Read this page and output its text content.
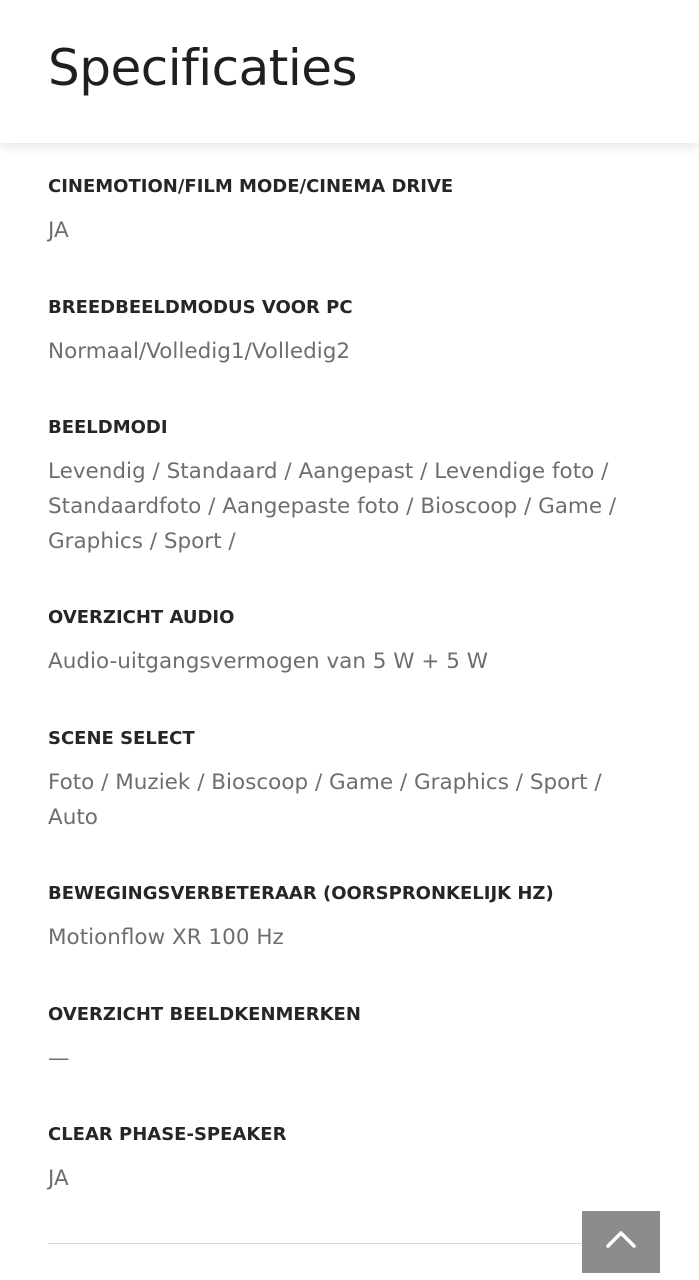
Specificaties
CINEMOTION/FILM MODE/CINEMA DRIVE

JA

BREEDBEELDMODUS VOOR PC

Normaal/Volledig1/Volledig2

BEELDMODI

Levendig / Standaard / Aangepast / Levendige foto / Standaardfoto / Aangepaste foto / Bioscoop / Game / Graphics / Sport /

OVERZICHT AUDIO

Audio-uitgangsvermogen van 5 W + 5 W

SCENE SELECT

Foto / Muziek / Bioscoop / Game / Graphics / Sport / Auto

BEWEGINGSVERBETERAAR (OORSPRONKELIJK HZ)

Motionflow XR 100 Hz

OVERZICHT BEELDKENMERKEN

—

CLEAR PHASE-SPEAKER

JA
